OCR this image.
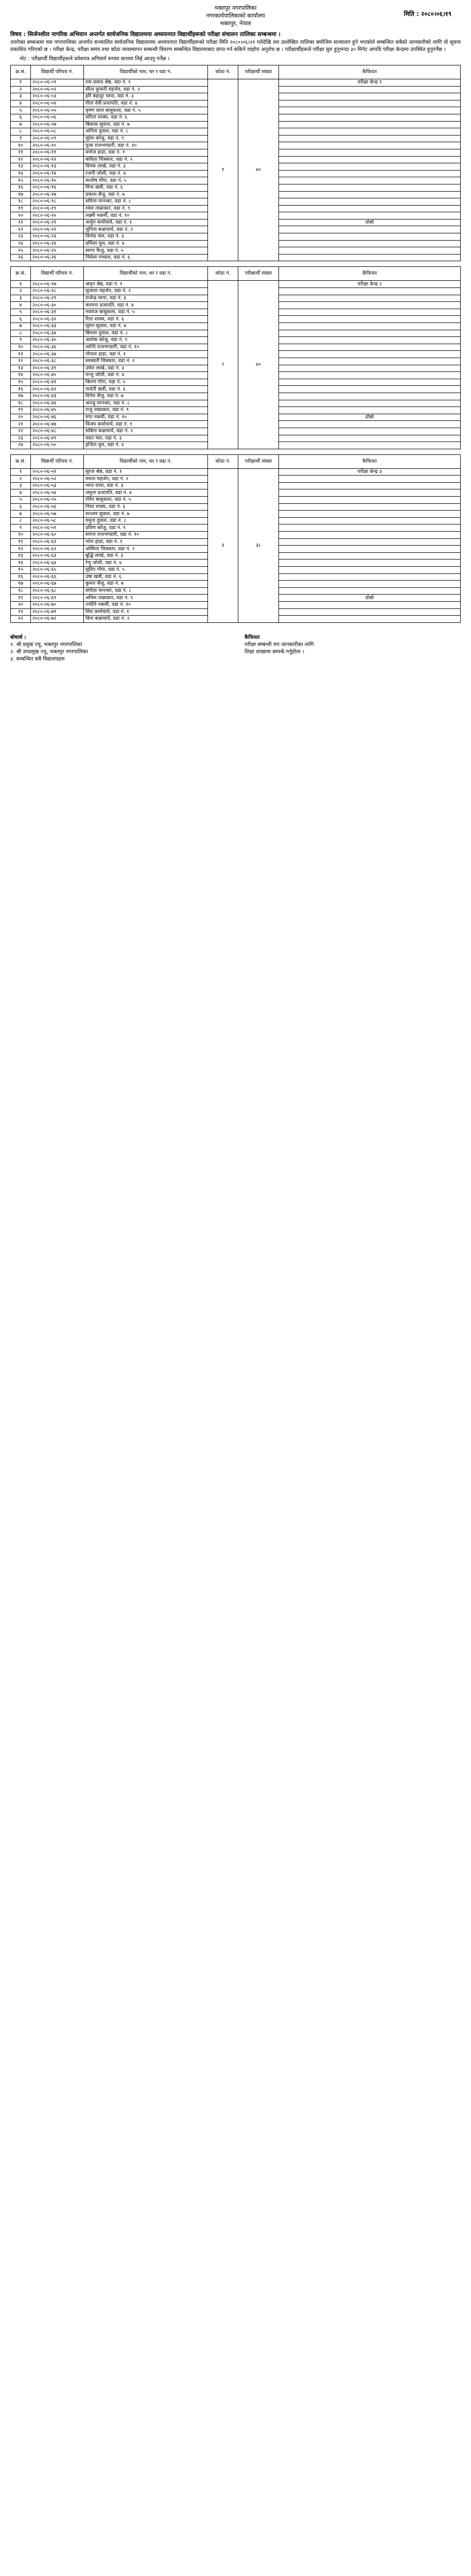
भक्तपुर नगरपालिका
नगरकार्यपालिकाको कार्यालय
भक्तपुर, नेपाल
मिति : २०८०।०६।१९
विषय : सिर्जनशील नागरिक अभियान अन्तर्गत सार्वजनिक विद्यालयमा अध्ययनरत विद्यार्थीहरूको परीक्षा संचालन तालिका सम्बन्धमा ।
उपरोक्त सम्बन्धमा यस नगरपालिका अन्तर्गत सञ्चालित सार्वजनिक विद्यालयमा अध्ययनरत विद्यार्थीहरूको परीक्षा मिति २०८०।०६।२१ गतेदेखि तल उल्लेखित तालिका बमोजिम सञ्चालन हुने भएकोले सम्बन्धित सबैको जानकारीको लागि यो सूचना प्रकाशित गरिएको छ । परीक्षा केन्द्र, परीक्षा समय तथा कोठा व्यवस्थापन सम्बन्धी विवरण सम्बन्धित विद्यालयबाट प्राप्त गर्न सकिने व्यहोरा अनुरोध छ । परीक्षार्थीहरूले परीक्षा सुरु हुनुभन्दा ३० मिनेट अगाडि परीक्षा केन्द्रमा उपस्थित हुनुपर्नेछ ।
नोट : परीक्षार्थी विद्यार्थीहरूले प्रवेशपत्र अनिवार्य रूपमा साथमा लिई आउनु पर्नेछ ।
क्र.सं.	विद्यार्थी परिचय नं.	विद्यार्थीको नाम, थर र वडा नं.	कोठा नं.	परीक्षार्थी संख्या	कैफियत
१	२०८०-०६-०१	राम प्रसाद श्रेष्ठ, वडा नं. १	१	४०	परीक्षा केन्द्र १
२	२०८०-०६-०२	सीता कुमारी महर्जन, वडा नं. २			
३	२०८०-०६-०३	हरि बहादुर थापा, वडा नं. ३			
४	२०८०-०६-०४	गीता देवी प्रजापति, वडा नं. ४			
५	२०८०-०६-०५	कृष्ण लाल बासुकला, वडा नं. ५			
६	२०८०-०६-०६	सरिता शाक्य, वडा नं. ६			
७	२०८०-०६-०७	बिकास सुवाल, वडा नं. ७			
८	२०८०-०६-०८	अनिता दुवाल, वडा नं. ८			
९	२०८०-०६-०९	सुरेश कोजु, वडा नं. ९			
१०	२०८०-०६-१०	पूजा राजभण्डारी, वडा नं. १०			
११	२०८०-०६-११	मनोज हाडा, वडा नं. १			
१२	२०८०-०६-१२	कविता चित्रकार, वडा नं. २			
१३	२०८०-०६-१३	दिपक लाखे, वडा नं. ३			
१४	२०८०-०६-१४	रजनी जोशी, वडा नं. ४			
१५	२०८०-०६-१५	सन्तोष गोंगा, वडा नं. ५			
१६	२०८०-०६-१६	मिना खत्री, वडा नं. ६			
१७	२०८०-०६-१७	प्रकाश सैजु, वडा नं. ७			
१८	२०८०-०६-१८	सविना मानन्धर, वडा नं. ८			
१९	२०८०-०६-१९	रमेश ताम्राकार, वडा नं. ९			
२०	२०८०-०६-२०	लक्ष्मी नकर्मी, वडा नं. १०			
२१	२०८०-०६-२१	अर्जुन कर्माचार्य, वडा नं. १			दोस्रो
२२	२०८०-०६-२२	सुनिता बज्राचार्य, वडा नं. २			
२३	२०८०-०६-२३	विनोद भेल, वडा नं. ३			
२४	२०८०-०६-२४	प्रमिला मुल, वडा नं. ४			
२५	२०८०-०६-२५	सागर फैजु, वडा नं. ५			
२६	२०८०-०६-२६	निर्मला गथ्वाल, वडा नं. ६			
क्र.सं.	विद्यार्थी परिचय नं.	विद्यार्थीको नाम, थर र वडा नं.	कोठा नं.	परीक्षार्थी संख्या	कैफियत
१	२०८०-०६-२७	अमृत श्रेष्ठ, वडा नं. १	२	४०	परीक्षा केन्द्र २
२	२०८०-०६-२८	सुजाता महर्जन, वडा नं. २			
३	२०८०-०६-२९	राजेन्द्र थापा, वडा नं. ३			
४	२०८०-०६-३०	कल्पना प्रजापति, वडा नं. ४			
५	२०८०-०६-३१	नवराज बासुकला, वडा नं. ५			
६	२०८०-०६-३२	रिता शाक्य, वडा नं. ६			
७	२०८०-०६-३३	सुमन सुवाल, वडा नं. ७			
८	२०८०-०६-३४	बिमला दुवाल, वडा नं. ८			
९	२०८०-०६-३५	अशोक कोजु, वडा नं. ९			
१०	२०८०-०६-३६	शान्ति राजभण्डारी, वडा नं. १०			
११	२०८०-०६-३७	गोपाल हाडा, वडा नं. १			
१२	२०८०-०६-३८	सरस्वती चित्रकार, वडा नं. २			
१३	२०८०-०६-३९	उमेश लाखे, वडा नं. ३			
१४	२०८०-०६-४०	मन्जु जोशी, वडा नं. ४			
१५	२०८०-०६-४१	किरण गोंगा, वडा नं. ५			
१६	२०८०-०६-४२	पार्वती खत्री, वडा नं. ६			
१७	२०८०-०६-४३	दिनेश सैजु, वडा नं. ७			
१८	२०८०-०६-४४	अञ्जु मानन्धर, वडा नं. ८			
१९	२०८०-०६-४५	राजु ताम्राकार, वडा नं. ९			
२०	२०८०-०६-४६	रुपा नकर्मी, वडा नं. १०			दोस्रो
२१	२०८०-०६-४७	विजय कर्माचार्य, वडा नं. १			
२२	२०८०-०६-४८	सबिता बज्राचार्य, वडा नं. २			
२३	२०८०-०६-४९	मदन भेल, वडा नं. ३			
२४	२०८०-०६-५०	इन्दिरा मुल, वडा नं. ४			
क्र.सं.	विद्यार्थी परिचय नं.	विद्यार्थीको नाम, थर र वडा नं.	कोठा नं.	परीक्षार्थी संख्या	कैफियत
१	२०८०-०६-५१	सुरज श्रेष्ठ, वडा नं. १	३	३८	परीक्षा केन्द्र ३
२	२०८०-०६-५२	ममता महर्जन, वडा नं. २			
३	२०८०-०६-५३	भरत थापा, वडा नं. ३			
४	२०८०-०६-५४	जमुना प्रजापति, वडा नं. ४			
५	२०८०-०६-५५	रविन बासुकला, वडा नं. ५			
६	२०८०-०६-५६	निशा शाक्य, वडा नं. ६			
७	२०८०-०६-५७	सञ्जय सुवाल, वडा नं. ७			
८	२०८०-०६-५८	यमुना दुवाल, वडा नं. ८			
९	२०८०-०६-५९	प्रविण कोजु, वडा नं. ९			
१०	२०८०-०६-६०	सपना राजभण्डारी, वडा नं. १०			
११	२०८०-०६-६१	नरेश हाडा, वडा नं. १			
१२	२०८०-०६-६२	अस्मिता चित्रकार, वडा नं. २			
१३	२०८०-०६-६३	बुद्धि लाखे, वडा नं. ३			
१४	२०८०-०६-६४	रेणु जोशी, वडा नं. ४			
१५	२०८०-०६-६५	सुदिप गोंगा, वडा नं. ५			
१६	२०८०-०६-६६	उषा खत्री, वडा नं. ६			
१७	२०८०-०६-६७	कुमार सैजु, वडा नं. ७			
१८	२०८०-०६-६८	संगीता मानन्धर, वडा नं. ८			
१९	२०८०-०६-६९	अनिल ताम्राकार, वडा नं. ९			दोस्रो
२०	२०८०-०६-७०	ज्योति नकर्मी, वडा नं. १०			
२१	२०८०-०६-७१	शिव कर्माचार्य, वडा नं. १			
२२	२०८०-०६-७२	विना बज्राचार्य, वडा नं. २			
बोधार्थ :
१. श्री प्रमुख ज्यू, भक्तपुर नगरपालिका
२. श्री उपप्रमुख ज्यू, भक्तपुर नगरपालिका
३. सम्बन्धित सबै विद्यालयहरू
कैफियत
परीक्षा सम्बन्धी थप जानकारीका लागि
शिक्षा शाखामा सम्पर्क गर्नुहोला ।
